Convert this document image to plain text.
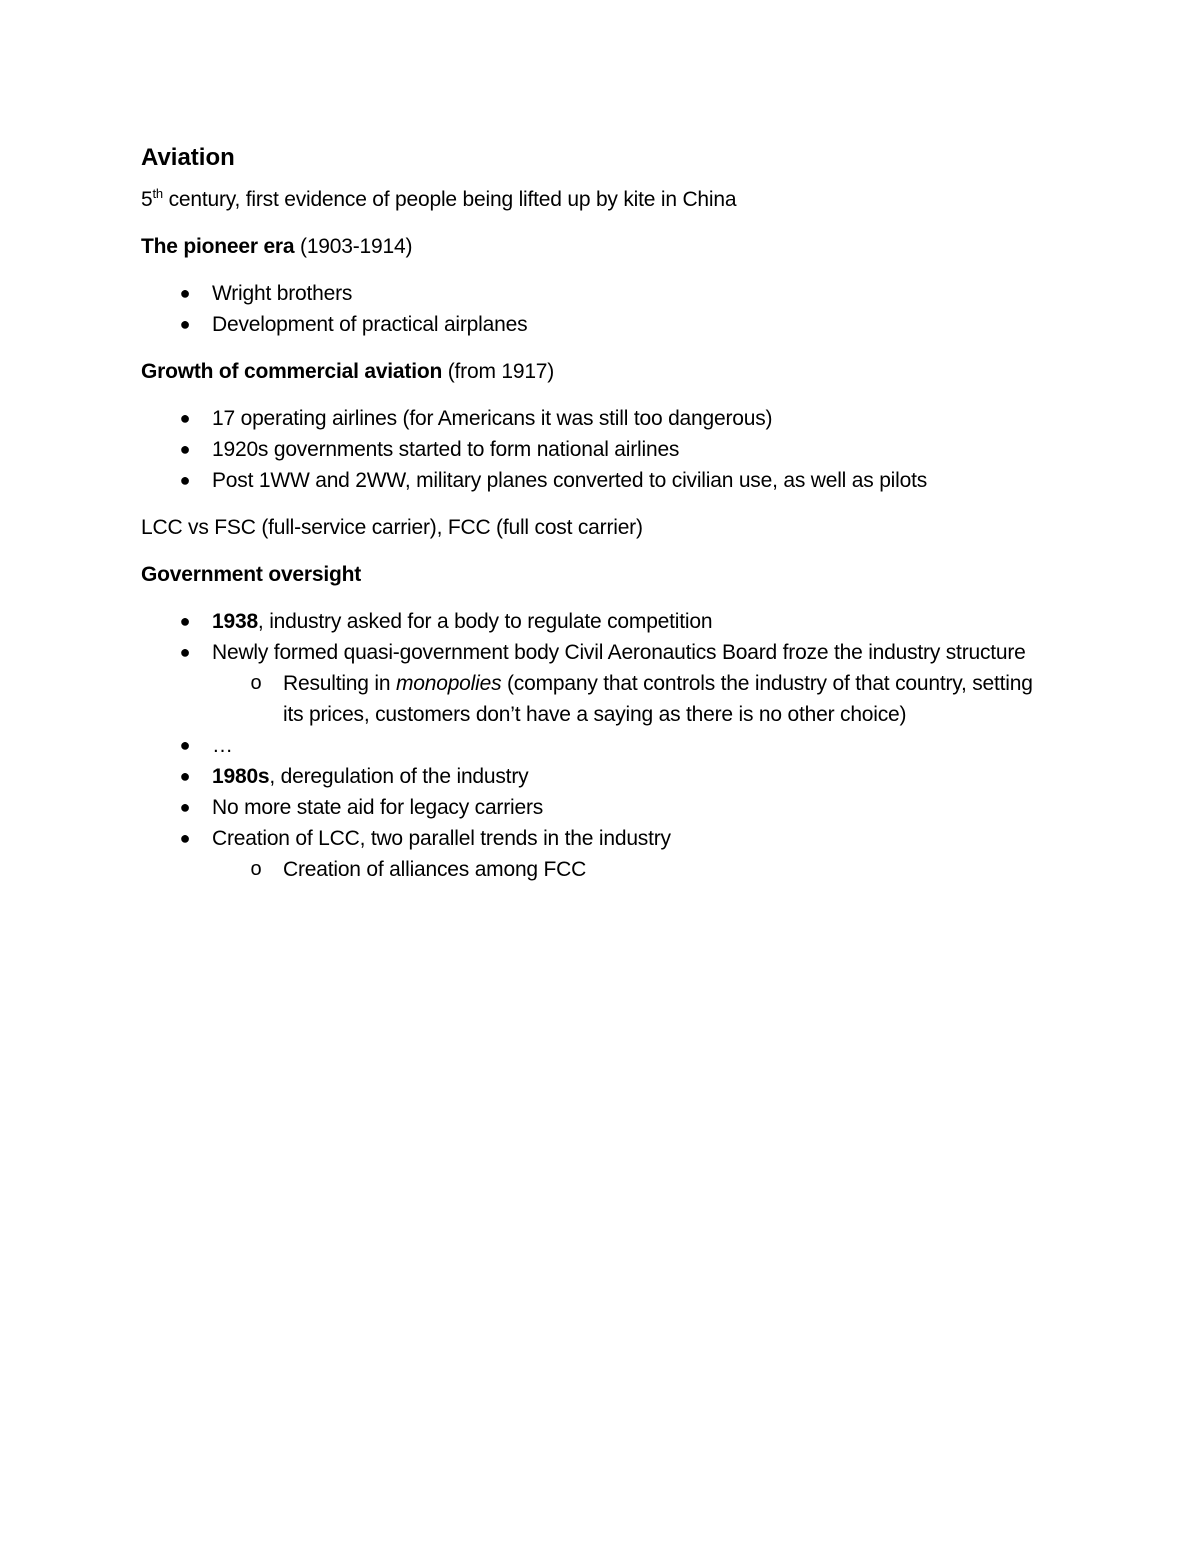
Aviation

5th century, first evidence of people being lifted up by kite in China

The pioneer era (1903-1914)

● Wright brothers
● Development of practical airplanes

Growth of commercial aviation (from 1917)

● 17 operating airlines (for Americans it was still too dangerous)
● 1920s governments started to form national airlines
● Post 1WW and 2WW, military planes converted to civilian use, as well as pilots

LCC vs FSC (full-service carrier), FCC (full cost carrier)

Government oversight

● 1938, industry asked for a body to regulate competition
● Newly formed quasi-government body Civil Aeronautics Board froze the industry structure
o Resulting in monopolies (company that controls the industry of that country, setting its prices, customers don’t have a saying as there is no other choice)
● …
● 1980s, deregulation of the industry
● No more state aid for legacy carriers
● Creation of LCC, two parallel trends in the industry
o Creation of alliances among FCC
